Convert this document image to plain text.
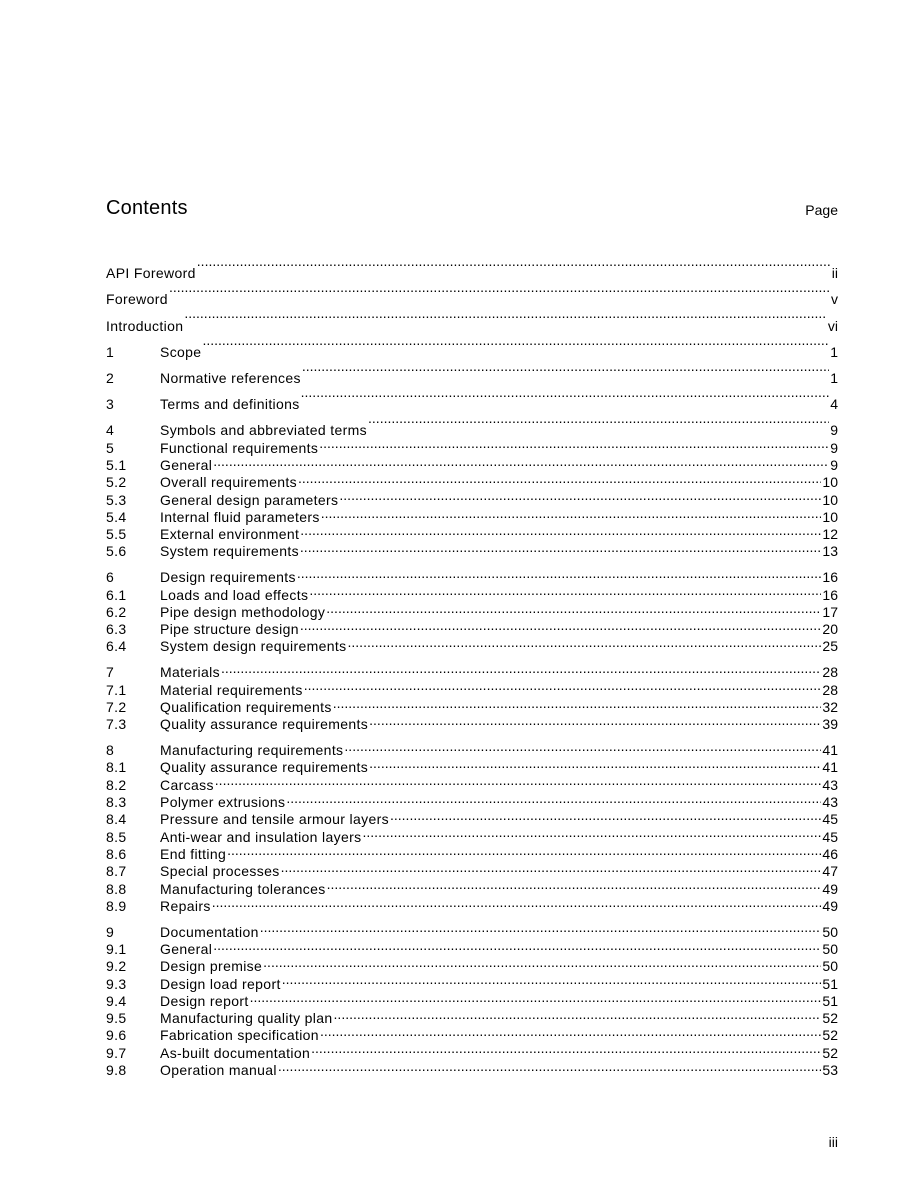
Contents	Page
API Foreword .....	ii
Foreword .....	v
Introduction .....	vi
1	Scope .....	1
2	Normative references .....	1
3	Terms and definitions .....	4
4	Symbols and abbreviated terms .....	9
5	Functional requirements .....	9
5.1	General .....	9
5.2	Overall requirements .....	10
5.3	General design parameters .....	10
5.4	Internal fluid parameters .....	10
5.5	External environment .....	12
5.6	System requirements .....	13
6	Design requirements .....	16
6.1	Loads and load effects .....	16
6.2	Pipe design methodology .....	17
6.3	Pipe structure design .....	20
6.4	System design requirements .....	25
7	Materials .....	28
7.1	Material requirements .....	28
7.2	Qualification requirements .....	32
7.3	Quality assurance requirements .....	39
8	Manufacturing requirements .....	41
8.1	Quality assurance requirements .....	41
8.2	Carcass .....	43
8.3	Polymer extrusions .....	43
8.4	Pressure and tensile armour layers .....	45
8.5	Anti-wear and insulation layers .....	45
8.6	End fitting .....	46
8.7	Special processes .....	47
8.8	Manufacturing tolerances .....	49
8.9	Repairs .....	49
9	Documentation .....	50
9.1	General .....	50
9.2	Design premise .....	50
9.3	Design load report .....	51
9.4	Design report .....	51
9.5	Manufacturing quality plan .....	52
9.6	Fabrication specification .....	52
9.7	As-built documentation .....	52
9.8	Operation manual .....	53
iii
